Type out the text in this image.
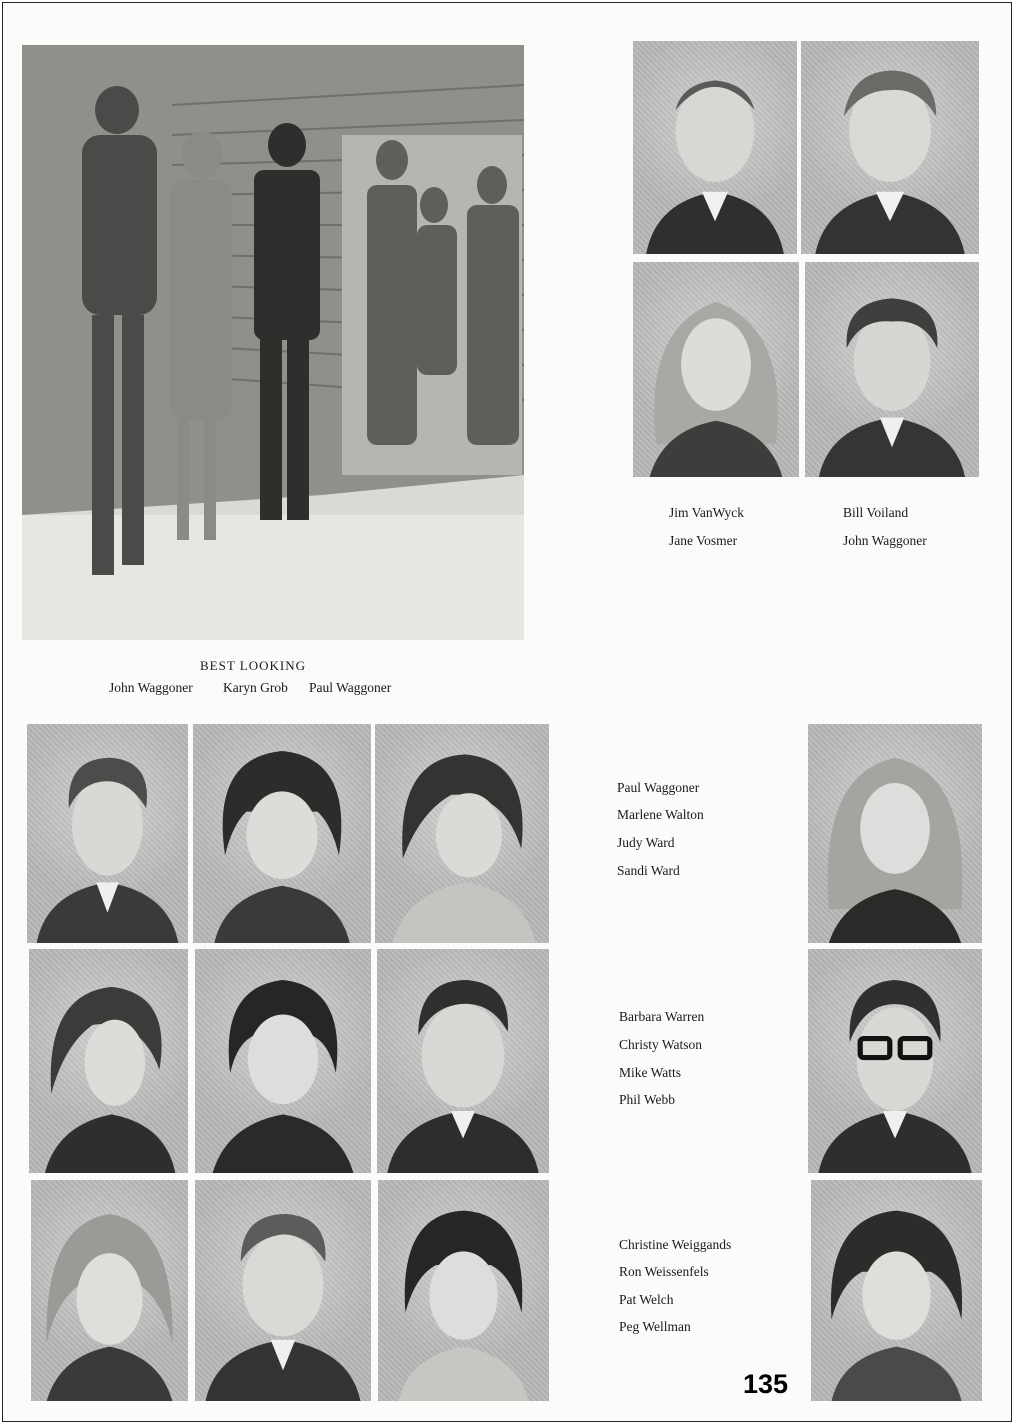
BEST LOOKING
John Waggoner Karyn Grob Paul Waggoner
Jim VanWyck	Bill Voiland
Jane Vosmer	John Waggoner
Paul Waggoner
Marlene Walton
Judy Ward
Sandi Ward
Barbara Warren
Christy Watson
Mike Watts
Phil Webb
Christine Weiggands
Ron Weissenfels
Pat Welch
Peg Wellman
135
